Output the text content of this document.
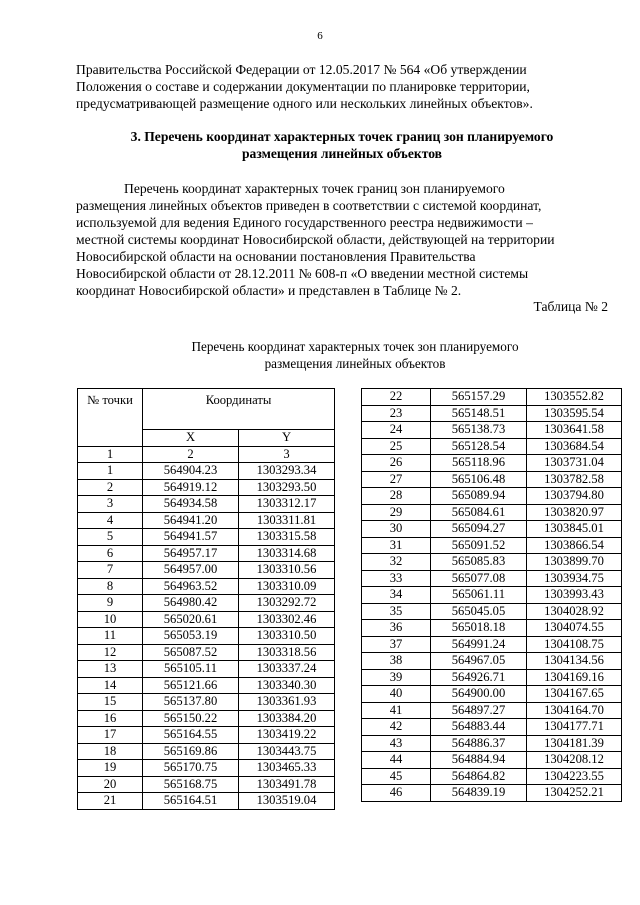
6
Правительства Российской Федерации от 12.05.2017 № 564 «Об утверждении
Положения о составе и содержании документации по планировке территории,
предусматривающей размещение одного или нескольких линейных объектов».
3. Перечень координат характерных точек границ зон планируемого
размещения линейных объектов
Перечень координат характерных точек границ зон планируемого
размещения линейных объектов приведен в соответствии с системой координат,
используемой для ведения Единого государственного реестра недвижимости –
местной системы координат Новосибирской области, действующей на территории
Новосибирской области на основании постановления Правительства
Новосибирской области от 28.12.2011 № 608-п «О введении местной системы
координат Новосибирской области» и представлен в Таблице № 2.
Таблица № 2
Перечень координат характерных точек зон планируемого
размещения линейных объектов
№ точки	Координаты	
	X	Y
1	2	3
1	564904.23	1303293.34
2	564919.12	1303293.50
3	564934.58	1303312.17
4	564941.20	1303311.81
5	564941.57	1303315.58
6	564957.17	1303314.68
7	564957.00	1303310.56
8	564963.52	1303310.09
9	564980.42	1303292.72
10	565020.61	1303302.46
11	565053.19	1303310.50
12	565087.52	1303318.56
13	565105.11	1303337.24
14	565121.66	1303340.30
15	565137.80	1303361.93
16	565150.22	1303384.20
17	565164.55	1303419.22
18	565169.86	1303443.75
19	565170.75	1303465.33
20	565168.75	1303491.78
21	565164.51	1303519.04
22	565157.29	1303552.82
23	565148.51	1303595.54
24	565138.73	1303641.58
25	565128.54	1303684.54
26	565118.96	1303731.04
27	565106.48	1303782.58
28	565089.94	1303794.80
29	565084.61	1303820.97
30	565094.27	1303845.01
31	565091.52	1303866.54
32	565085.83	1303899.70
33	565077.08	1303934.75
34	565061.11	1303993.43
35	565045.05	1304028.92
36	565018.18	1304074.55
37	564991.24	1304108.75
38	564967.05	1304134.56
39	564926.71	1304169.16
40	564900.00	1304167.65
41	564897.27	1304164.70
42	564883.44	1304177.71
43	564886.37	1304181.39
44	564884.94	1304208.12
45	564864.82	1304223.55
46	564839.19	1304252.21
